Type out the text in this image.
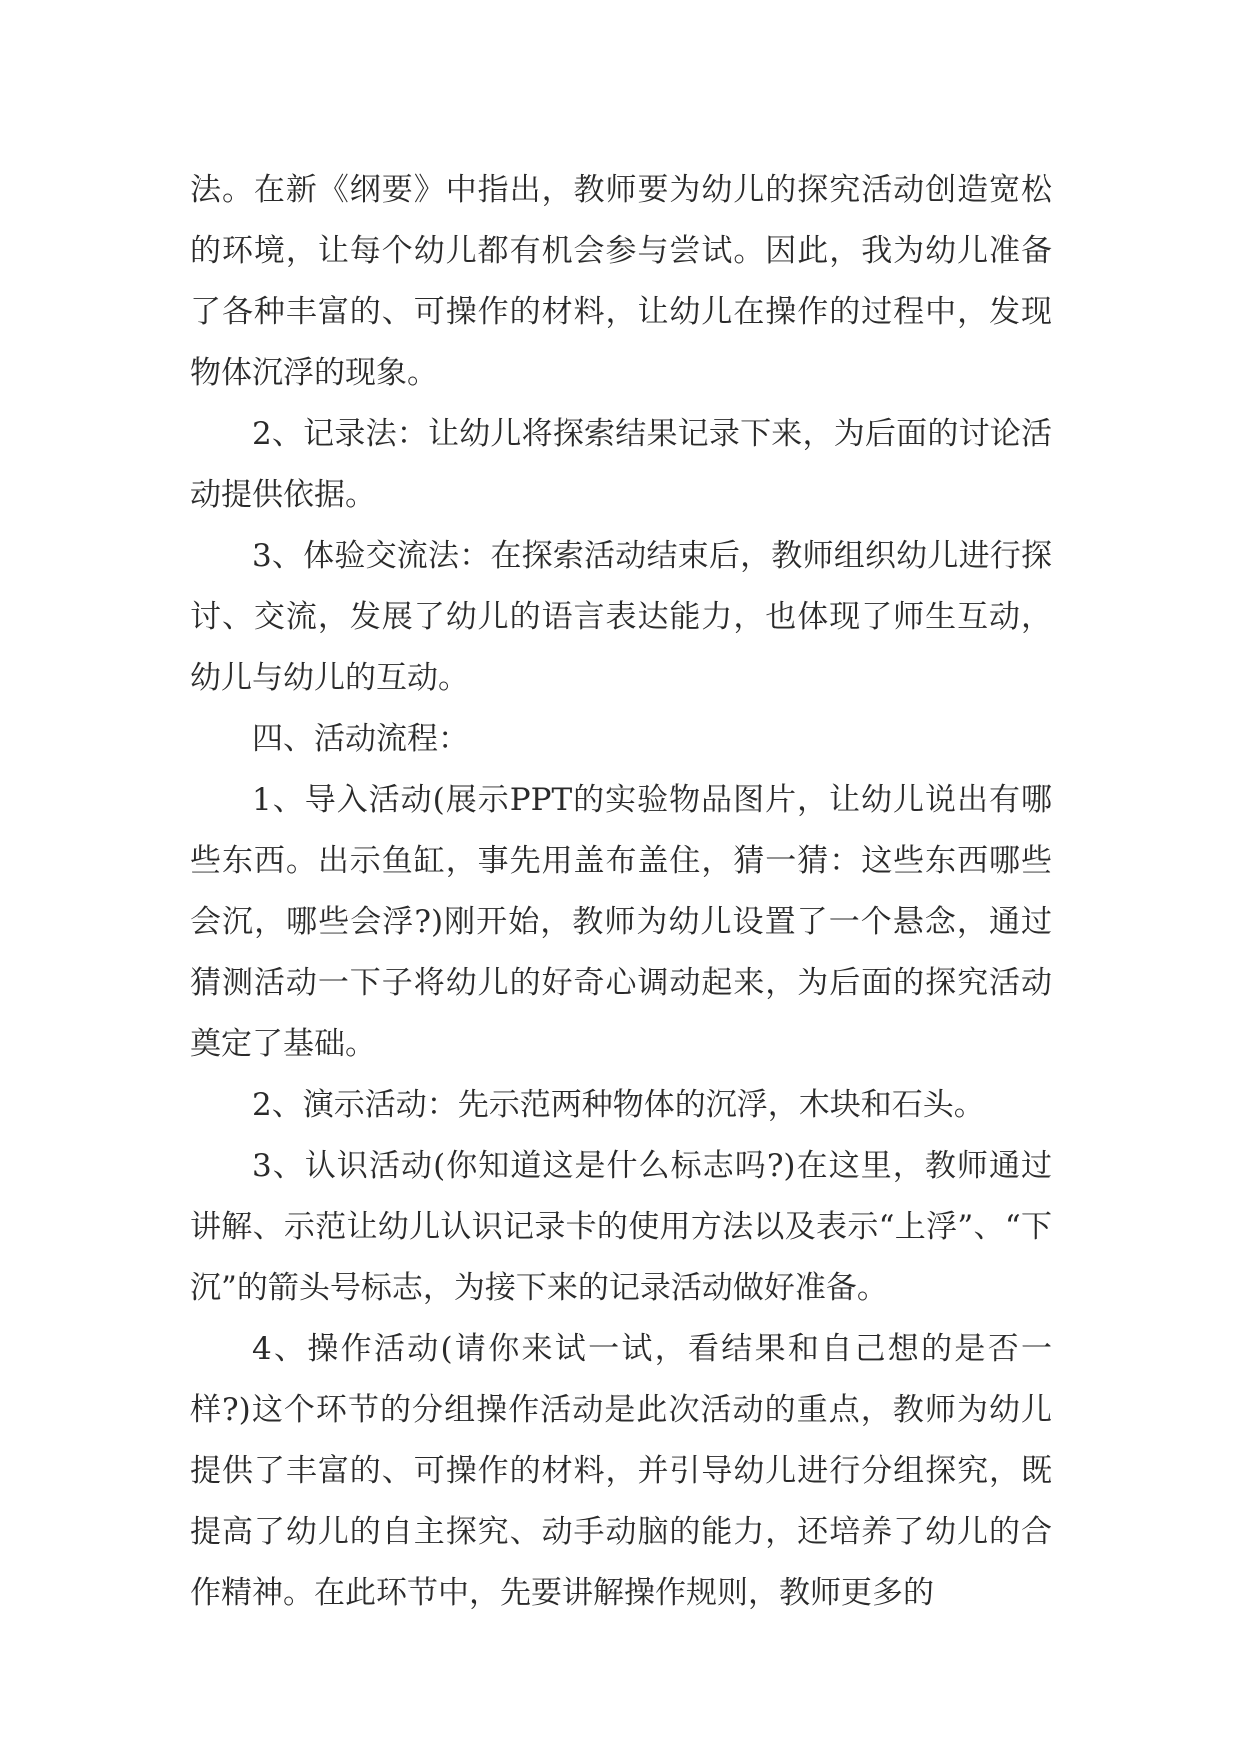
法。在新《纲要》中指出，教师要为幼儿的探究活动创造宽松的环境，让每个幼儿都有机会参与尝试。因此，我为幼儿准备了各种丰富的、可操作的材料，让幼儿在操作的过程中，发现物体沉浮的现象。

2、记录法：让幼儿将探索结果记录下来，为后面的讨论活动提供依据。

3、体验交流法：在探索活动结束后，教师组织幼儿进行探讨、交流，发展了幼儿的语言表达能力，也体现了师生互动，幼儿与幼儿的互动。

四、活动流程：

1、导入活动(展示PPT的实验物品图片，让幼儿说出有哪些东西。出示鱼缸，事先用盖布盖住，猜一猜：这些东西哪些会沉，哪些会浮?)刚开始，教师为幼儿设置了一个悬念，通过猜测活动一下子将幼儿的好奇心调动起来，为后面的探究活动奠定了基础。

2、演示活动：先示范两种物体的沉浮，木块和石头。

3、认识活动(你知道这是什么标志吗?)在这里，教师通过讲解、示范让幼儿认识记录卡的使用方法以及表示“上浮”、“下沉”的箭头号标志，为接下来的记录活动做好准备。

4、操作活动(请你来试一试，看结果和自己想的是否一样?)这个环节的分组操作活动是此次活动的重点，教师为幼儿提供了丰富的、可操作的材料，并引导幼儿进行分组探究，既提高了幼儿的自主探究、动手动脑的能力，还培养了幼儿的合作精神。在此环节中，先要讲解操作规则，教师更多的
